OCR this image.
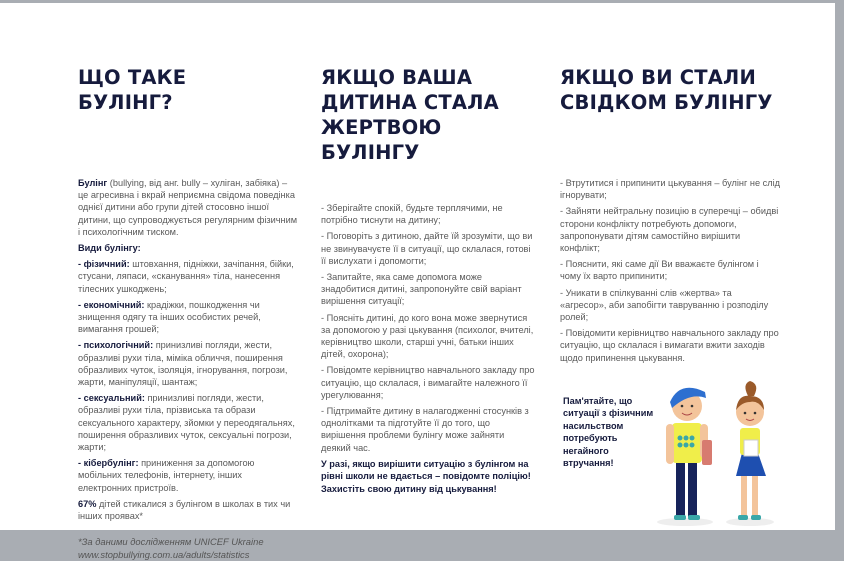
ЩО ТАКЕ
БУЛІНГ?

Булінг (bullying, від анг. bully – хуліган, забіяка) – це агресивна і вкрай неприємна свідома поведінка однієї дитини або групи дітей стосовно іншої дитини, що супроводжується регулярним фізичним і психологічним тиском.

Види булінгу:

- фізичний: штовхання, підніжки, зачіпання, бійки, стусани, ляпаси, «сканування» тіла, нанесення тілесних ушкоджень;

- економічний: крадіжки, пошкодження чи знищення одягу та інших особистих речей, вимагання грошей;

- психологічний: принизливі погляди, жести, образливі рухи тіла, міміка обличчя, поширення образливих чуток, ізоляція, ігнорування, погрози, жарти, маніпуляції, шантаж;

- сексуальний: принизливі погляди, жести, образливі рухи тіла, прізвиська та образи сексуального характеру, зйомки у переодягальнях, поширення образливих чуток, сексуальні погрози, жарти;

- кібербулінг: приниження за допомогою мобільних телефонів, інтернету, інших електронних пристроїв.

67% дітей стикалися з булінгом в школах в тих чи інших проявах*

*За даними дослідженням UNICEF Ukraine
www.stopbullying.com.ua/adults/statistics
ЯКЩО ВАША
ДИТИНА СТАЛА
ЖЕРТВОЮ БУЛІНГУ

- Зберігайте спокій, будьте терплячими, не потрібно тиснути на дитину;

- Поговоріть з дитиною, дайте їй зрозуміти, що ви не звинувачуєте її в ситуації, що склалася, готові її вислухати і допомогти;

- Запитайте, яка саме допомога може знадобитися дитині, запропонуйте свій варіант вирішення ситуації;

- Поясніть дитині, до кого вона може звернутися за допомогою у разі цькування (психолог, вчителі, керівництво школи, старші учні, батьки інших дітей, охорона);

- Повідомте керівництво навчального закладу про ситуацію, що склалася, і вимагайте належного її урегулювання;

- Підтримайте дитину в налагодженні стосунків з однолітками та підготуйте її до того, що вирішення проблеми булінгу може зайняти деякий час.

У разі, якщо вирішити ситуацію з булінгом на рівні школи не вдається – повідомте поліцію! Захистіть свою дитину від цькування!
ЯКЩО ВИ СТАЛИ
СВІДКОМ БУЛІНГУ

- Втрутитися і припинити цькування – булінг не слід ігнорувати;

- Зайняти нейтральну позицію в суперечці – обидві сторони конфлікту потребують допомоги, запропонувати дітям самостійно вирішити конфлікт;

- Пояснити, які саме дії Ви вважаєте булінгом і чому їх варто припинити;

- Уникати в спілкуванні слів «жертва» та «агресор», аби запобігти тавруванню і розподілу ролей;

- Повідомити керівництво навчального закладу про ситуацію, що склалася і вимагати вжити заходів щодо припинення цькування.

Пам'ятайте, що ситуації з фізичним насильством потребують негайного втручання!
